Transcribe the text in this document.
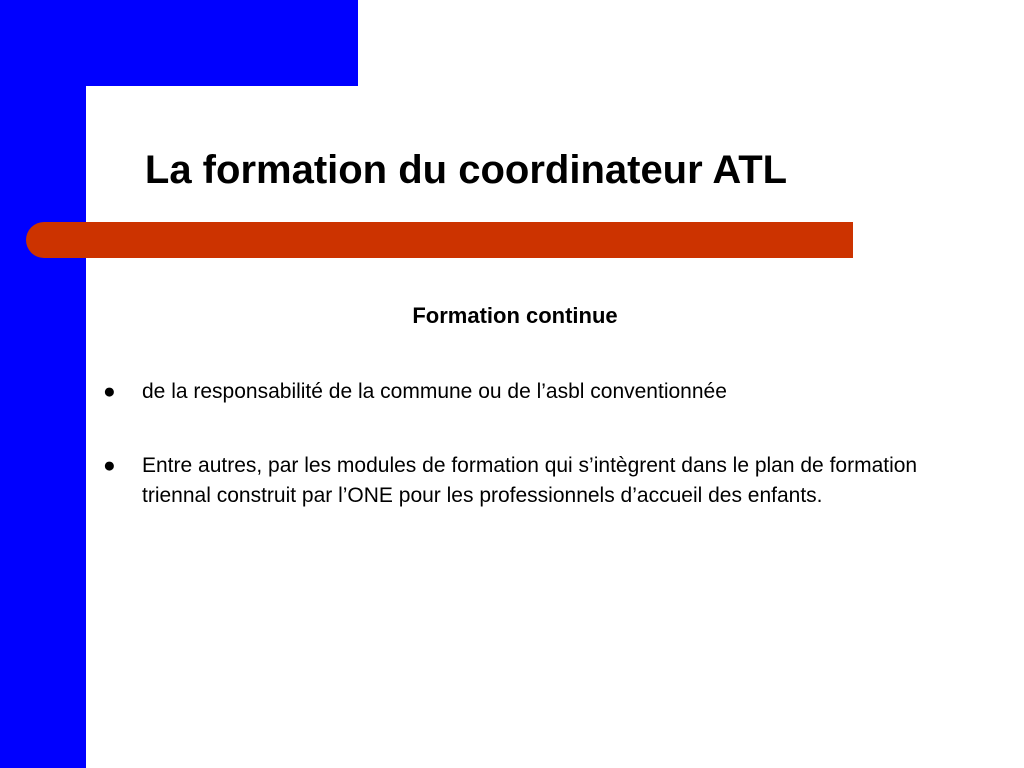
La formation du coordinateur ATL

Formation continue

● de la responsabilité de la commune ou de l’asbl conventionnée
● Entre autres, par les modules de formation qui s’intègrent dans le plan de formation triennal construit par l’ONE pour les professionnels d’accueil des enfants.
